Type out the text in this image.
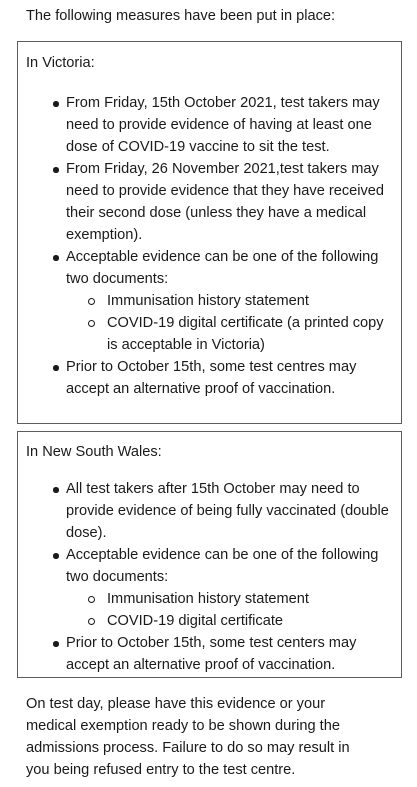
The following measures have been put in place:
In Victoria:
From Friday, 15th October 2021, test takers may need to provide evidence of having at least one dose of COVID-19 vaccine to sit the test.
From Friday, 26 November 2021,test takers may need to provide evidence that they have received their second dose (unless they have a medical exemption).
Acceptable evidence can be one of the following two documents:
Immunisation history statement
COVID-19 digital certificate (a printed copy is acceptable in Victoria)
Prior to October 15th, some test centres may accept an alternative proof of vaccination.
In New South Wales:
All test takers after 15th October may need to provide evidence of being fully vaccinated (double dose).
Acceptable evidence can be one of the following two documents:
Immunisation history statement
COVID-19 digital certificate
Prior to October 15th, some test centers may accept an alternative proof of vaccination.
On test day, please have this evidence or your medical exemption ready to be shown during the admissions process. Failure to do so may result in you being refused entry to the test centre.
